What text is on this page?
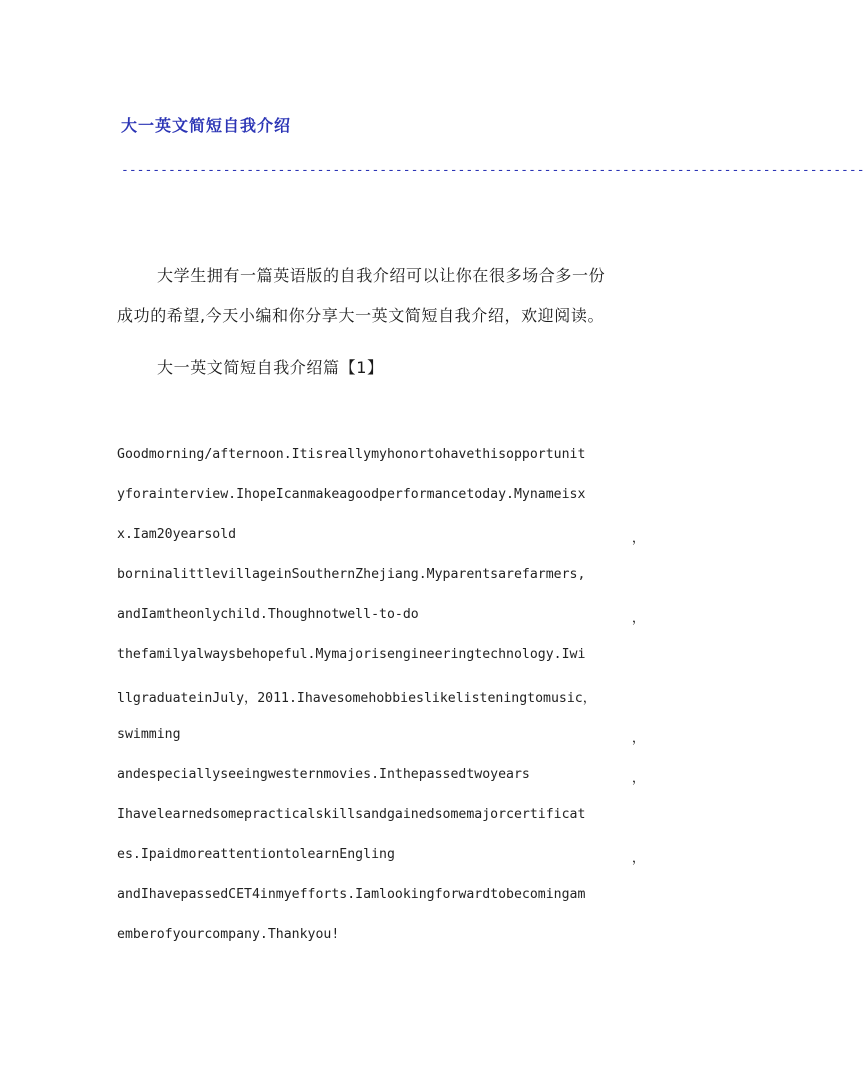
大一英文简短自我介绍
-----------------------------------------------------------------------------------------------
大学生拥有一篇英语版的自我介绍可以让你在很多场合多一份
成功的希望,今天小编和你分享大一英文简短自我介绍，欢迎阅读。
大一英文简短自我介绍篇【1】
Goodmorning/afternoon.Itisreallymyhonortohavethisopportunit
yforainterview.IhopeIcanmakeagoodperformancetoday.Mynameisx
x.Iam20yearsold	，
borninalittlevillageinSouthernZhejiang.Myparentsarefarmers,
andIamtheonlychild.Thoughnotwell-to-do	，
thefamilyalwaysbehopeful.Mymajorisengineeringtechnology.Iwi
llgraduateinJuly，2011.Ihavesomehobbieslikelisteningtomusic，
swimming	，
andespeciallyseeingwesternmovies.Inthepassedtwoyears	，
Ihavelearnedsomepracticalskillsandgainedsomemajorcertificat
es.IpaidmoreattentiontolearnEngling	，
andIhavepassedCET4inmyefforts.Iamlookingforwardtobecomingam
emberofyourcompany.Thankyou!
